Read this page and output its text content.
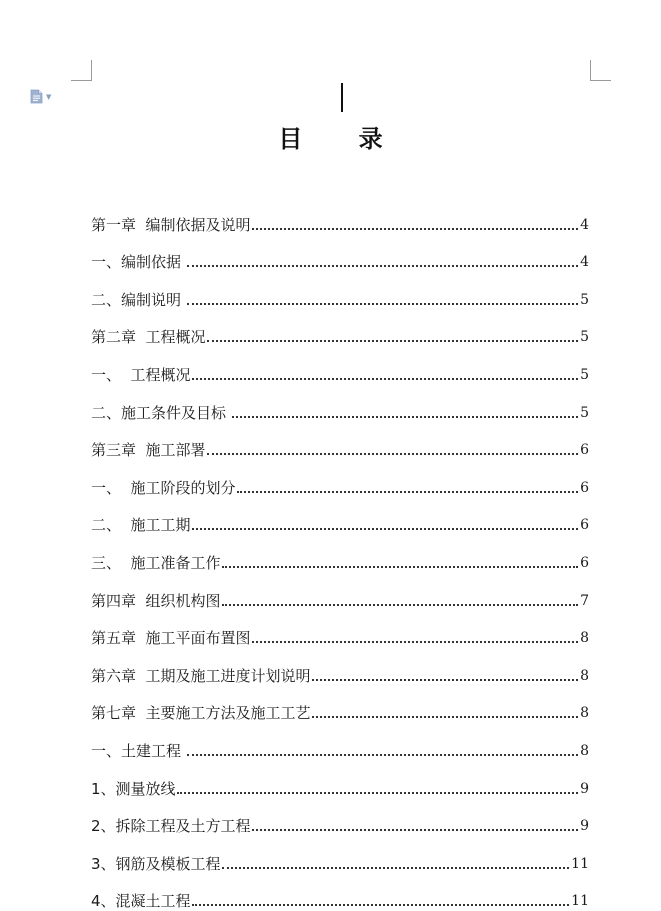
▼
目 录
第一章  编制依据及说明	4
一、编制依据	4
二、编制说明	5
第二章  工程概况	5
一、  工程概况	5
二、施工条件及目标	5
第三章  施工部署	6
一、  施工阶段的划分	6
二、  施工工期	6
三、  施工准备工作	6
第四章  组织机构图	7
第五章  施工平面布置图	8
第六章  工期及施工进度计划说明	8
第七章  主要施工方法及施工工艺	8
一、土建工程	8
1、测量放线	9
2、拆除工程及土方工程	9
3、钢筋及模板工程	11
4、混凝土工程	11
